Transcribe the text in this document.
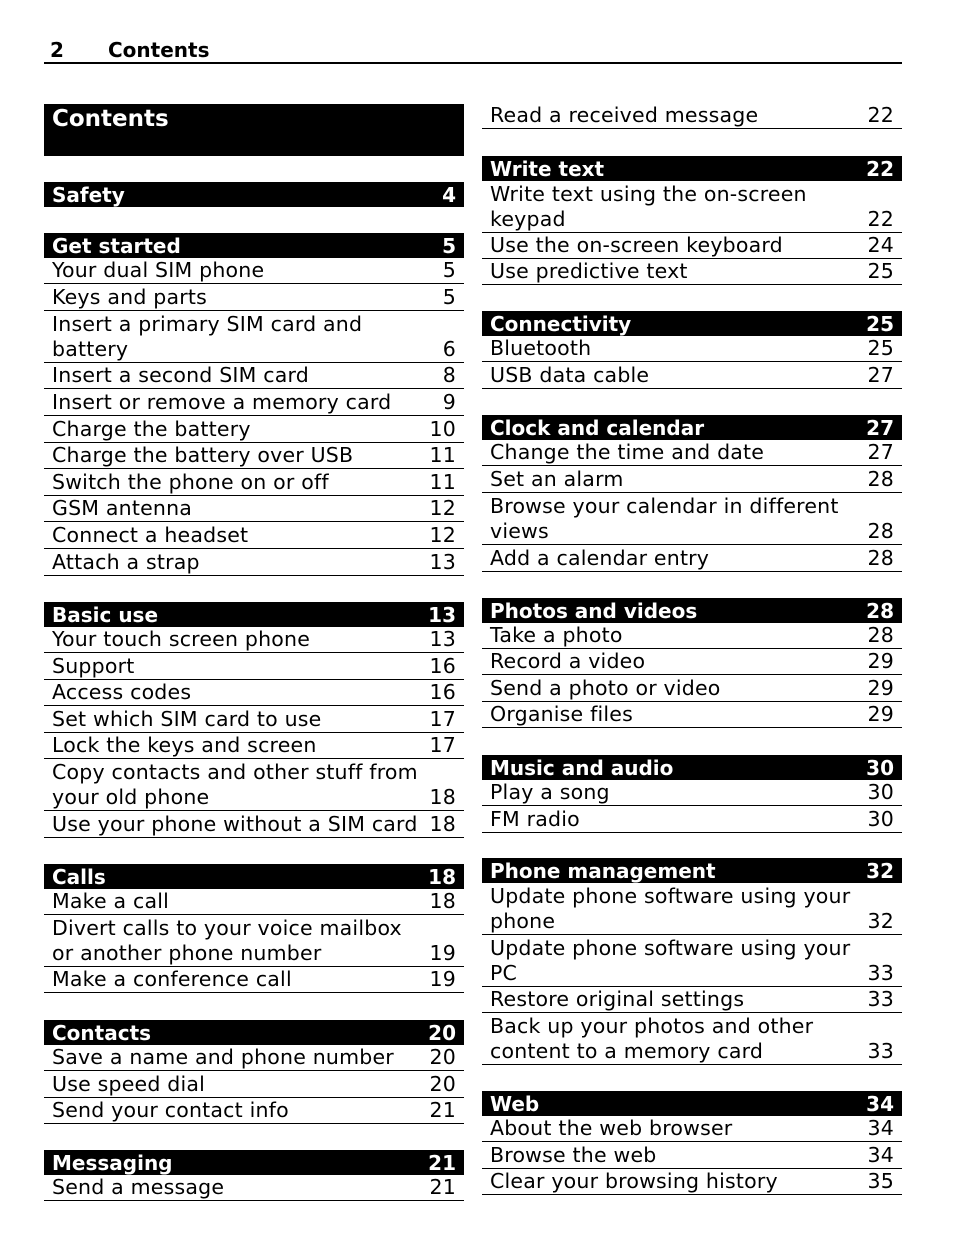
2 Contents
Contents
Safety	4
Get started	5
Your dual SIM phone	5
Keys and parts	5
Insert a primary SIM card and battery	6
Insert a second SIM card	8
Insert or remove a memory card	9
Charge the battery	10
Charge the battery over USB	11
Switch the phone on or off	11
GSM antenna	12
Connect a headset	12
Attach a strap	13
Basic use	13
Your touch screen phone	13
Support	16
Access codes	16
Set which SIM card to use	17
Lock the keys and screen	17
Copy contacts and other stuff from your old phone	18
Use your phone without a SIM card 18
Calls	18
Make a call	18
Divert calls to your voice mailbox or another phone number	19
Make a conference call	19
Contacts	20
Save a name and phone number	20
Use speed dial	20
Send your contact info	21
Messaging	21
Send a message	21
Read a received message	22
Write text	22
Write text using the on-screen keypad	22
Use the on-screen keyboard	24
Use predictive text	25
Connectivity	25
Bluetooth	25
USB data cable	27
Clock and calendar	27
Change the time and date	27
Set an alarm	28
Browse your calendar in different views	28
Add a calendar entry	28
Photos and videos	28
Take a photo	28
Record a video	29
Send a photo or video	29
Organise files	29
Music and audio	30
Play a song	30
FM radio	30
Phone management	32
Update phone software using your phone	32
Update phone software using your PC	33
Restore original settings	33
Back up your photos and other content to a memory card	33
Web	34
About the web browser	34
Browse the web	34
Clear your browsing history	35
